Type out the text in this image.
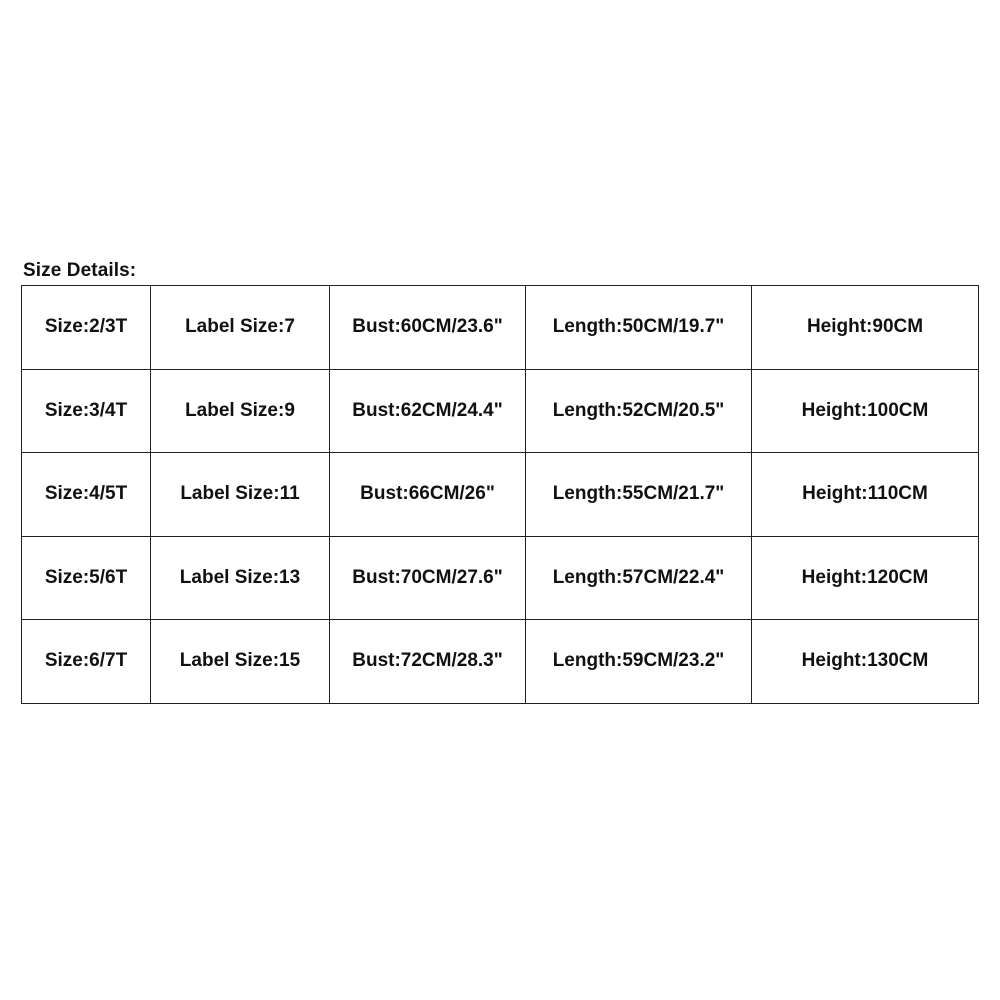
Size Details:
Size:2/3T	Label Size:7	Bust:60CM/23.6"	Length:50CM/19.7"	Height:90CM
Size:3/4T	Label Size:9	Bust:62CM/24.4"	Length:52CM/20.5"	Height:100CM
Size:4/5T	Label Size:11	Bust:66CM/26"	Length:55CM/21.7"	Height:110CM
Size:5/6T	Label Size:13	Bust:70CM/27.6"	Length:57CM/22.4"	Height:120CM
Size:6/7T	Label Size:15	Bust:72CM/28.3"	Length:59CM/23.2"	Height:130CM
